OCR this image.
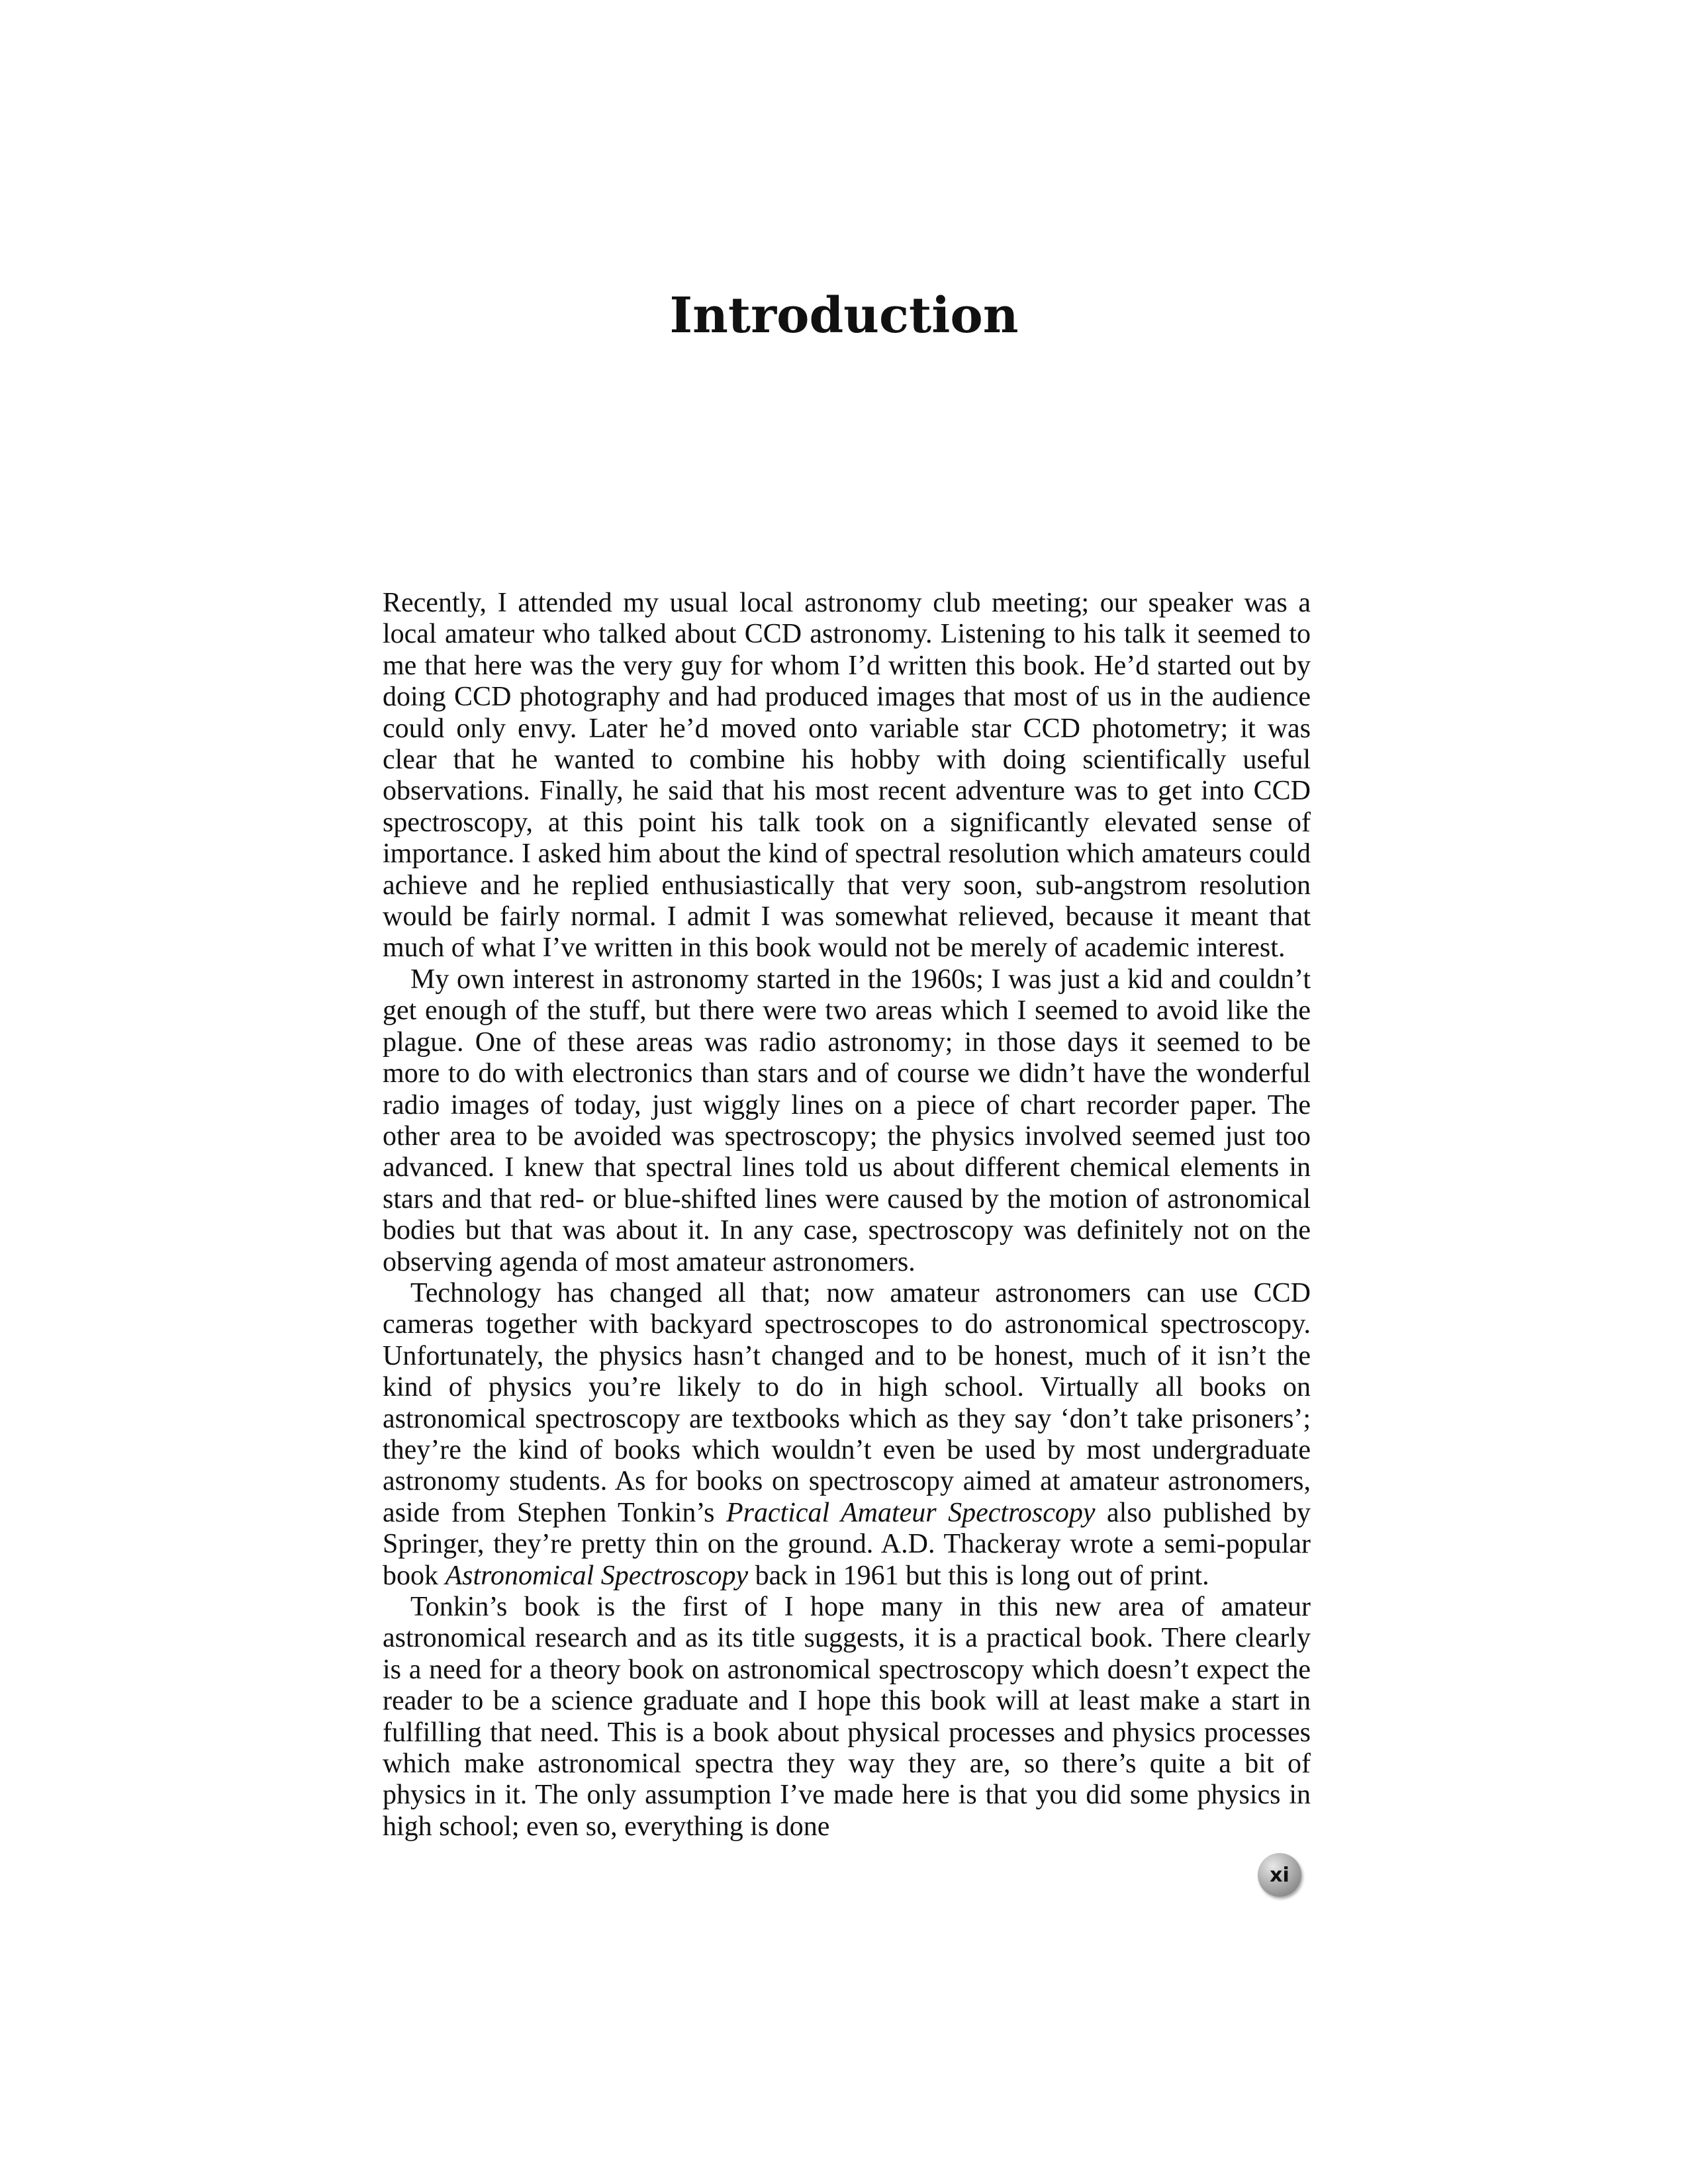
Introduction

Recently, I attended my usual local astronomy club meeting; our speaker was a local amateur who talked about CCD astronomy. Listening to his talk it seemed to me that here was the very guy for whom I’d written this book. He’d started out by doing CCD photography and had produced images that most of us in the audience could only envy. Later he’d moved onto variable star CCD photometry; it was clear that he wanted to combine his hobby with doing scientifically useful observations. Finally, he said that his most recent adventure was to get into CCD spectroscopy, at this point his talk took on a significantly elevated sense of importance. I asked him about the kind of spectral resolution which amateurs could achieve and he replied enthusiastically that very soon, sub-angstrom resolution would be fairly normal. I admit I was somewhat relieved, because it meant that much of what I’ve written in this book would not be merely of academic interest.

My own interest in astronomy started in the 1960s; I was just a kid and couldn’t get enough of the stuff, but there were two areas which I seemed to avoid like the plague. One of these areas was radio astronomy; in those days it seemed to be more to do with electronics than stars and of course we didn’t have the wonderful radio images of today, just wiggly lines on a piece of chart recorder paper. The other area to be avoided was spectroscopy; the physics involved seemed just too advanced. I knew that spectral lines told us about different chemical elements in stars and that red- or blue-shifted lines were caused by the motion of astronomical bodies but that was about it. In any case, spectroscopy was definitely not on the observing agenda of most amateur astronomers.

Technology has changed all that; now amateur astronomers can use CCD cameras together with backyard spectroscopes to do astronomical spectroscopy. Unfortunately, the physics hasn’t changed and to be honest, much of it isn’t the kind of physics you’re likely to do in high school. Virtually all books on astronomical spectroscopy are textbooks which as they say ‘don’t take prisoners’; they’re the kind of books which wouldn’t even be used by most undergraduate astronomy students. As for books on spectroscopy aimed at amateur astronomers, aside from Stephen Tonkin’s Practical Amateur Spectroscopy also published by Springer, they’re pretty thin on the ground. A.D. Thackeray wrote a semi-popular book Astronomical Spectroscopy back in 1961 but this is long out of print.

Tonkin’s book is the first of I hope many in this new area of amateur astronomical research and as its title suggests, it is a practical book. There clearly is a need for a theory book on astronomical spectroscopy which doesn’t expect the reader to be a science graduate and I hope this book will at least make a start in fulfilling that need. This is a book about physical processes and physics processes which make astronomical spectra they way they are, so there’s quite a bit of physics in it. The only assumption I’ve made here is that you did some physics in high school; even so, everything is done

xi
